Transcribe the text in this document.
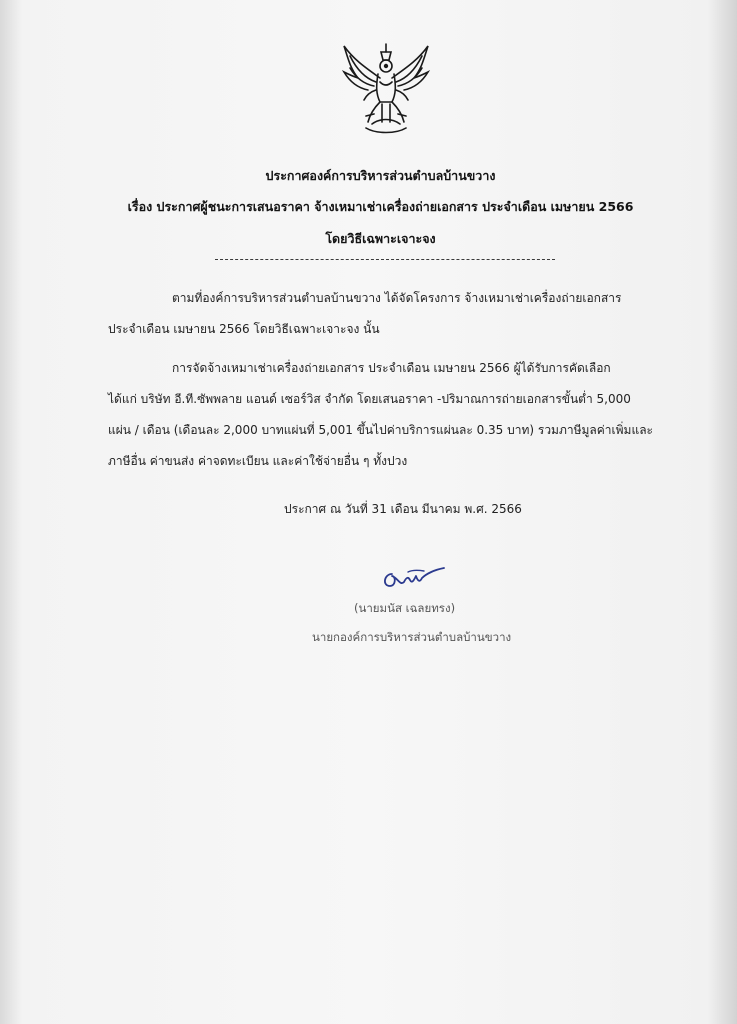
ประกาศองค์การบริหารส่วนตำบลบ้านขวาง
เรื่อง ประกาศผู้ชนะการเสนอราคา จ้างเหมาเช่าเครื่องถ่ายเอกสาร ประจำเดือน เมษายน 2566
โดยวิธีเฉพาะเจาะจง
ตามที่องค์การบริหารส่วนตำบลบ้านขวาง ได้จัดโครงการ จ้างเหมาเช่าเครื่องถ่ายเอกสาร
ประจำเดือน เมษายน 2566 โดยวิธีเฉพาะเจาะจง นั้น
การจัดจ้างเหมาเช่าเครื่องถ่ายเอกสาร ประจำเดือน เมษายน 2566 ผู้ได้รับการคัดเลือก
ได้แก่ บริษัท อี.ที.ซัพพลาย แอนด์ เซอร์วิส จำกัด โดยเสนอราคา -ปริมาณการถ่ายเอกสารขั้นต่ำ 5,000
แผ่น / เดือน (เดือนละ 2,000 บาทแผ่นที่ 5,001 ขึ้นไปค่าบริการแผ่นละ 0.35 บาท) รวมภาษีมูลค่าเพิ่มและ
ภาษีอื่น ค่าขนส่ง ค่าจดทะเบียน และค่าใช้จ่ายอื่น ๆ ทั้งปวง
ประกาศ ณ วันที่ 31 เดือน มีนาคม พ.ศ. 2566
(นายมนัส เฉลยทรง)
นายกองค์การบริหารส่วนตำบลบ้านขวาง
